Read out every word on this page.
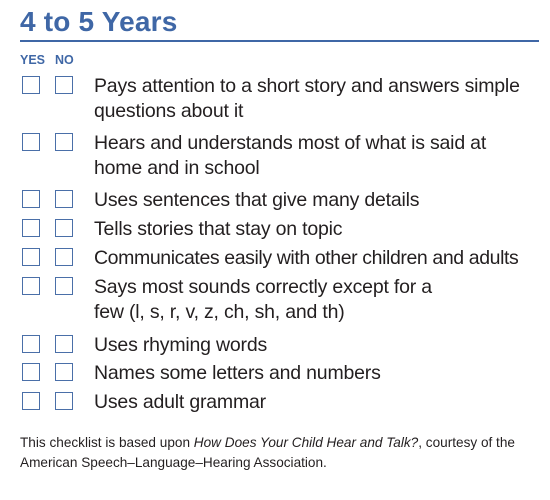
4 to 5 Years
YES NO
Pays attention to a short story and answers simple questions about it
Hears and understands most of what is said at home and in school
Uses sentences that give many details
Tells stories that stay on topic
Communicates easily with other children and adults
Says most sounds correctly except for a few (l, s, r, v, z, ch, sh, and th)
Uses rhyming words
Names some letters and numbers
Uses adult grammar
This checklist is based upon How Does Your Child Hear and Talk?, courtesy of the American Speech–Language–Hearing Association.
